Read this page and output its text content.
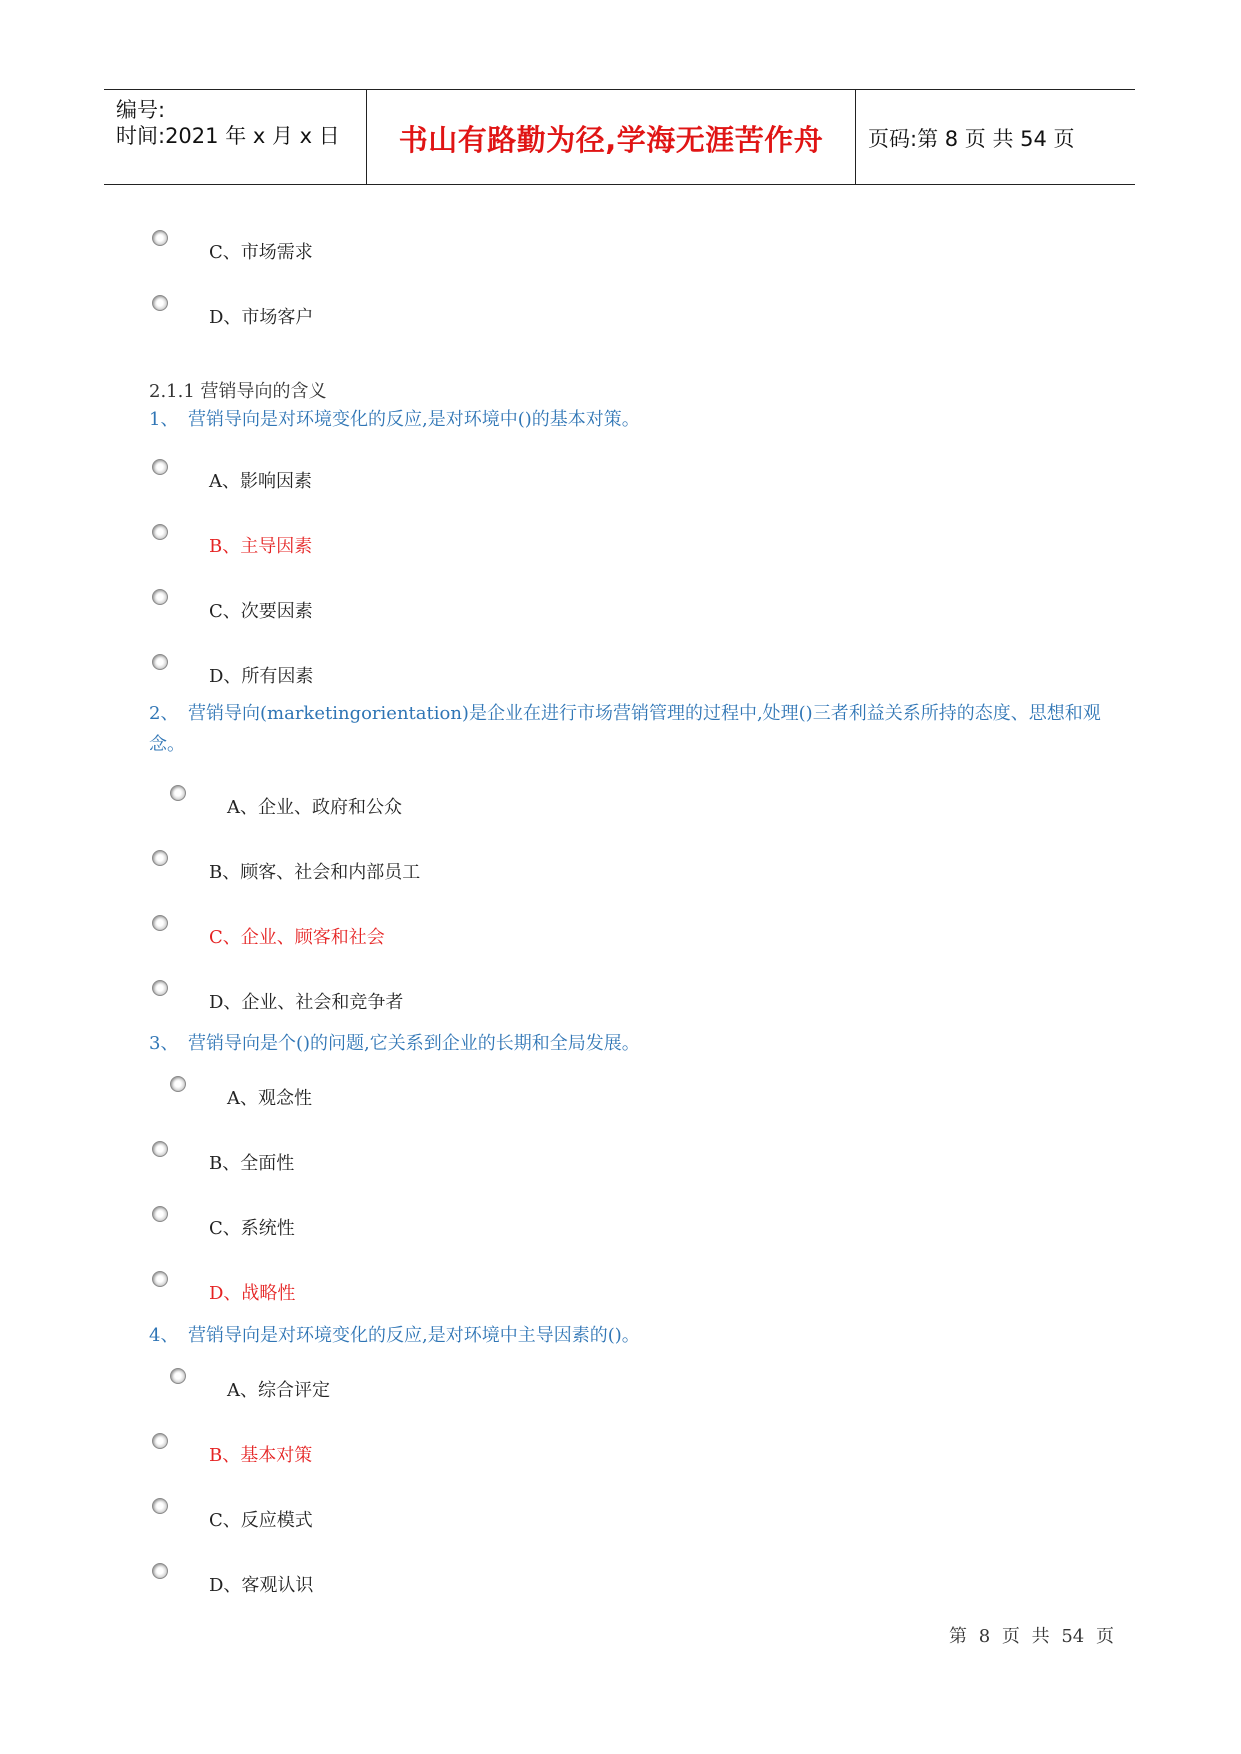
编号:
时间:2021 年 x 月 x 日	书山有路勤为径,学海无涯苦作舟	页码:第 8 页 共 54 页
C、市场需求
D、市场客户
2.1.1 营销导向的含义
1、 营销导向是对环境变化的反应,是对环境中()的基本对策。
A、影响因素
B、主导因素
C、次要因素
D、所有因素
2、 营销导向(marketingorientation)是企业在进行市场营销管理的过程中,处理()三者利益关系所持的态度、思想和观念。
A、企业、政府和公众
B、顾客、社会和内部员工
C、企业、顾客和社会
D、企业、社会和竞争者
3、 营销导向是个()的问题,它关系到企业的长期和全局发展。
A、观念性
B、全面性
C、系统性
D、战略性
4、 营销导向是对环境变化的反应,是对环境中主导因素的()。
A、综合评定
B、基本对策
C、反应模式
D、客观认识
第 8 页 共 54 页
